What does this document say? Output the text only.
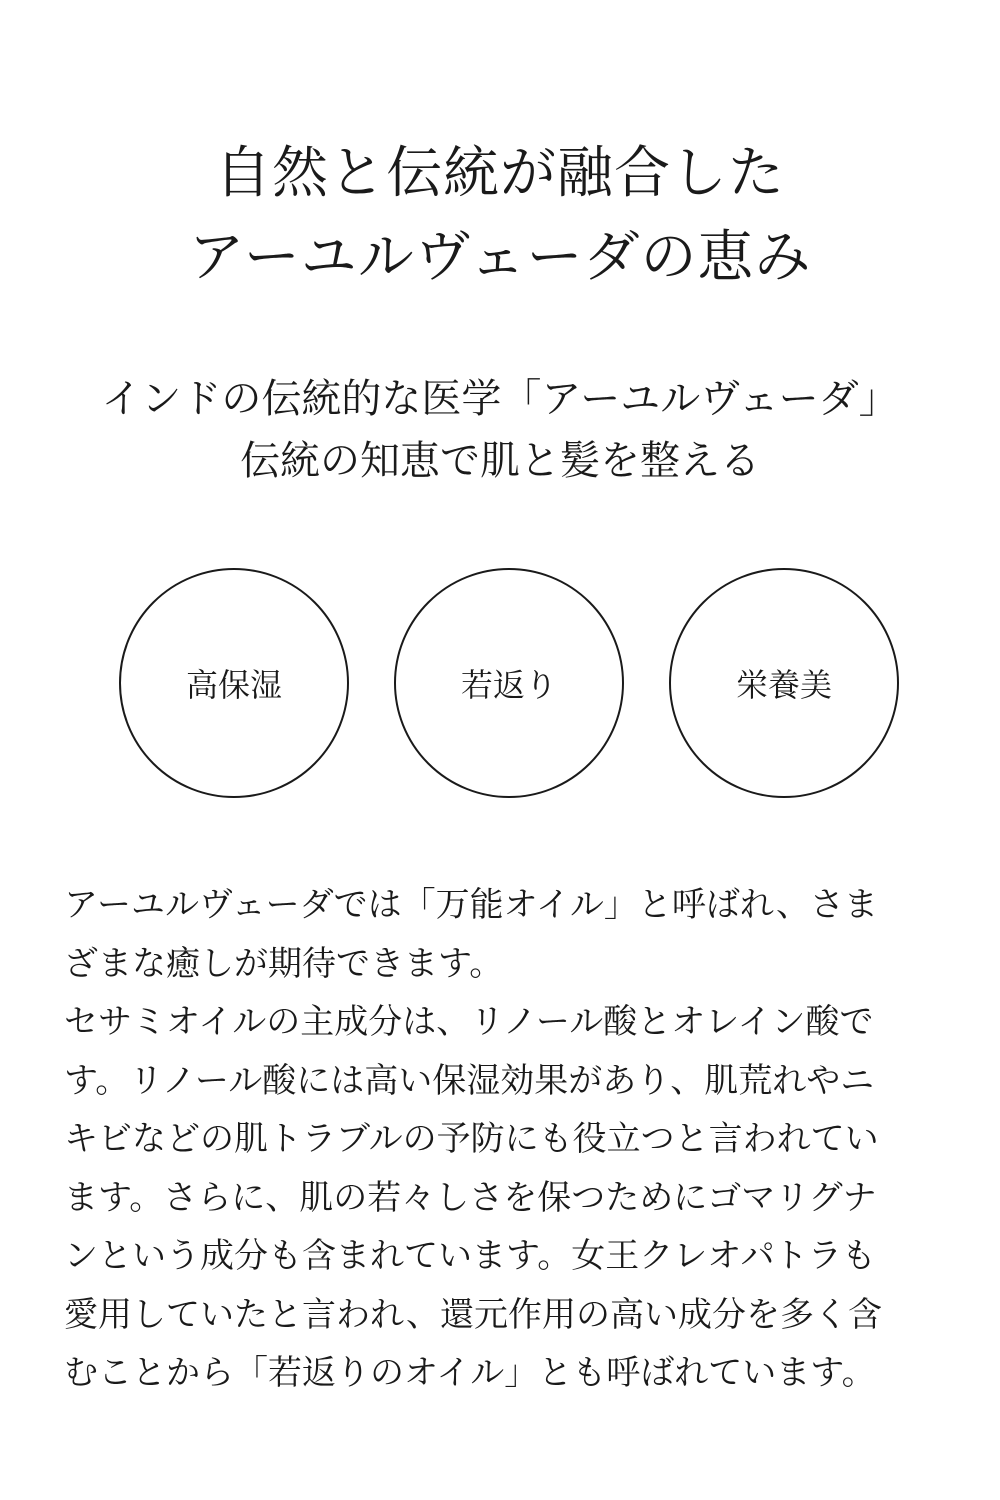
自然と伝統が融合した
アーユルヴェーダの恵み
インドの伝統的な医学「アーユルヴェーダ」
伝統の知恵で肌と髪を整える
高保湿	若返り	栄養美
アーユルヴェーダでは「万能オイル」と呼ばれ、さま
ざまな癒しが期待できます。
セサミオイルの主成分は、リノール酸とオレイン酸で
す。リノール酸には高い保湿効果があり、肌荒れやニ
キビなどの肌トラブルの予防にも役立つと言われてい
ます。さらに、肌の若々しさを保つためにゴマリグナ
ンという成分も含まれています。女王クレオパトラも
愛用していたと言われ、還元作用の高い成分を多く含
むことから「若返りのオイル」とも呼ばれています。
